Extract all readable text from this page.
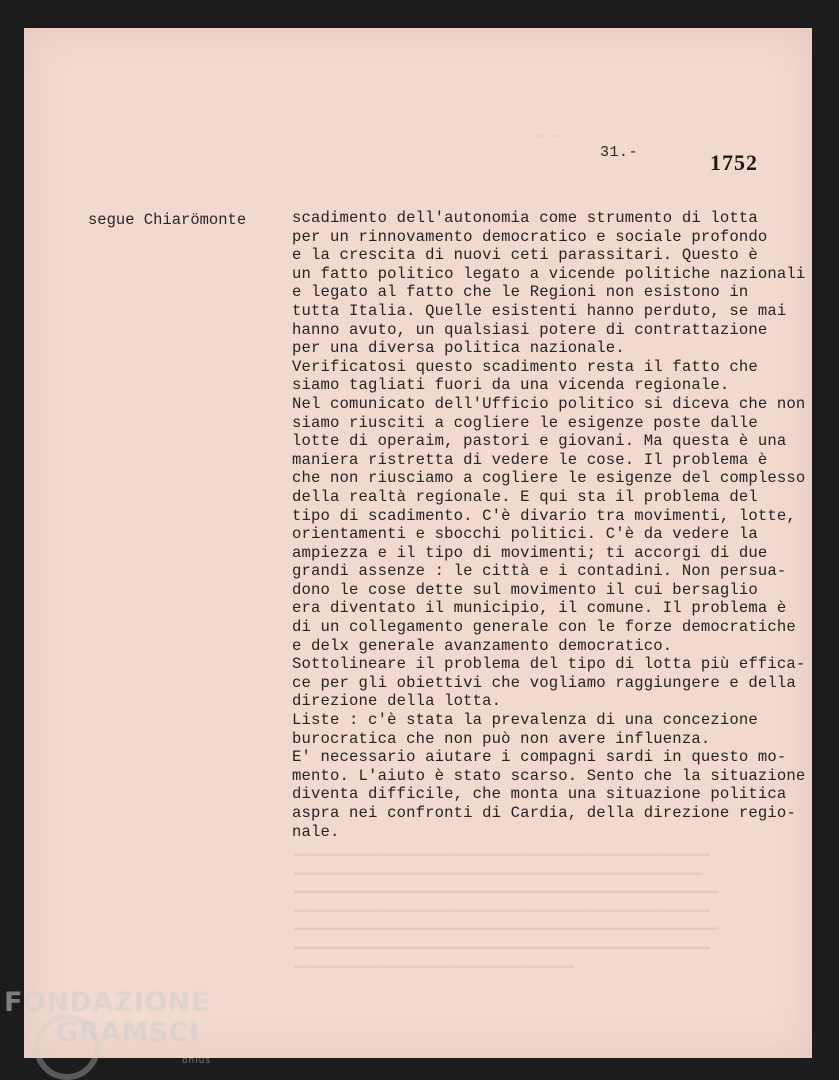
— —
━━━━━━━━━━━━━━━━━━━━━━━━━━━━━━━━━━━━━━━━━━━━━━
━━━━━━━━━━━━━━━━━━━━━━━━━━━━━━━━━━━━━━━━━━━━━
━━━━━━━━━━━━━━━━━━━━━━━━━━━━━━━━━━━━━━━━━━━━━━━
━━━━━━━━━━━━━━━━━━━━━━━━━━━━━━━━━━━━━━━━━━━━━━
━━━━━━━━━━━━━━━━━━━━━━━━━━━━━━━━━━━━━━━━━━━━━━━
━━━━━━━━━━━━━━━━━━━━━━━━━━━━━━━━━━━━━━━━━━━━━━
━━━━━━━━━━━━━━━━━━━━━━━━━━━━━━━
31.-	1752
segue Chiarömonte	scadimento dell'autonomia come strumento di lotta
per un rinnovamento democratico e sociale profondo
e la crescita di nuovi ceti parassitari. Questo è
un fatto politico legato a vicende politiche nazionali
e legato al fatto che le Regioni non esistono in
tutta Italia. Quelle esistenti hanno perduto, se mai
hanno avuto, un qualsiasi potere di contrattazione
per una diversa politica nazionale.
Verificatosi questo scadimento resta il fatto che
siamo tagliati fuori da una vicenda regionale.
Nel comunicato dell'Ufficio politico si diceva che non
siamo riusciti a cogliere le esigenze poste dalle
lotte di operaim, pastori e giovani. Ma questa è una
maniera ristretta di vedere le cose. Il problema è
che non riusciamo a cogliere le esigenze del complesso
della realtà regionale. E qui sta il problema del
tipo di scadimento. C'è divario tra movimenti, lotte,
orientamenti e sbocchi politici. C'è da vedere la
ampiezza e il tipo di movimenti; ti accorgi di due
grandi assenze : le città e i contadini. Non persua-
dono le cose dette sul movimento il cui bersaglio
era diventato il municipio, il comune. Il problema è
di un collegamento generale con le forze democratiche
e delx generale avanzamento democratico.
Sottolineare il problema del tipo di lotta più effica-
ce per gli obiettivi che vogliamo raggiungere e della
direzione della lotta.
Liste : c'è stata la prevalenza di una concezione
burocratica che non può non avere influenza.
E' necessario aiutare i compagni sardi in questo mo-
mento. L'aiuto è stato scarso. Sento che la situazione
diventa difficile, che monta una situazione politica
aspra nei confronti di Cardia, della direzione regio-
nale.
FONDAZIONE
GRAMSCI
onlus
